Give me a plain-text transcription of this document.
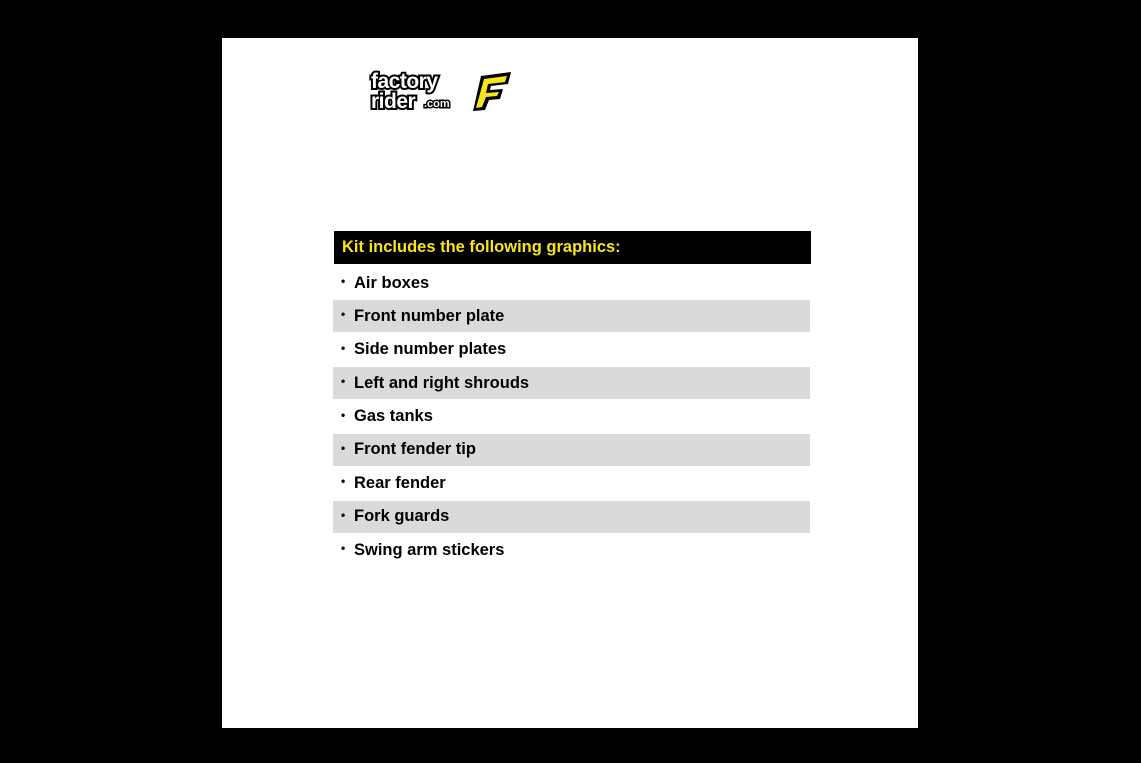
factory
rider .com
Kit includes the following graphics:
• Air boxes
• Front number plate
• Side number plates
• Left and right shrouds
• Gas tanks
• Front fender tip
• Rear fender
• Fork guards
• Swing arm stickers
